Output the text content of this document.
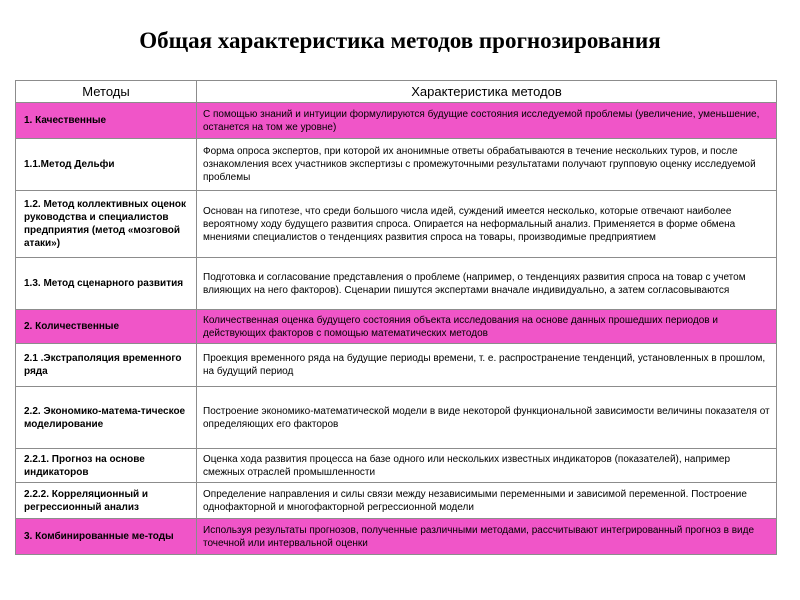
Общая характеристика методов прогнозирования
Методы	Характеристика методов
1. Качественные	С помощью знаний и интуиции формулируются будущие состояния исследуемой проблемы (увеличение, уменьшение, останется на том же уровне)
1.1.Метод Дельфи	Форма опроса экспертов, при которой их анонимные ответы обрабатываются в течение нескольких туров, и после ознакомления всех участников экспертизы с промежуточными результатами получают групповую оценку исследуемой проблемы
1.2. Метод коллективных оценок руководства и специалистов предприятия (метод «мозговой атаки»)	Основан на гипотезе, что среди большого числа идей, суждений имеется несколько, которые отвечают наиболее вероятному ходу будущего развития спроса. Опирается на неформальный анализ. Применяется в форме обмена мнениями специалистов о тенденциях развития спроса на товары, производимые предприятием
1.3. Метод сценарного развития	Подготовка и согласование представления о проблеме (например, о тенденциях развития спроса на товар с учетом влияющих на него факторов). Сценарии пишутся экспертами вначале индивидуально, а затем согласовываются
2. Количественные	Количественная оценка будущего состояния объекта исследования на основе данных прошедших периодов и действующих факторов с помощью математических методов
2.1 .Экстраполяция временного ряда	Проекция временного ряда на будущие периоды времени, т. е. распространение тенденций, установленных в прошлом, на будущий период
2.2. Экономико-матема-тическое моделирование	Построение экономико-математической модели в виде некоторой функциональной зависимости величины показателя от определяющих его факторов
2.2.1. Прогноз на основе индикаторов	Оценка хода развития процесса на базе одного или нескольких известных индикаторов (показателей), например смежных отраслей промышленности
2.2.2. Корреляционный и регрессионный анализ	Определение направления и силы связи между независимыми переменными и зависимой переменной. Построение однофакторной и многофакторной регрессионной модели
3. Комбинированные ме-тоды	Используя результаты прогнозов, полученные различными методами, рассчитывают интегрированный прогноз в виде точечной или интервальной оценки
